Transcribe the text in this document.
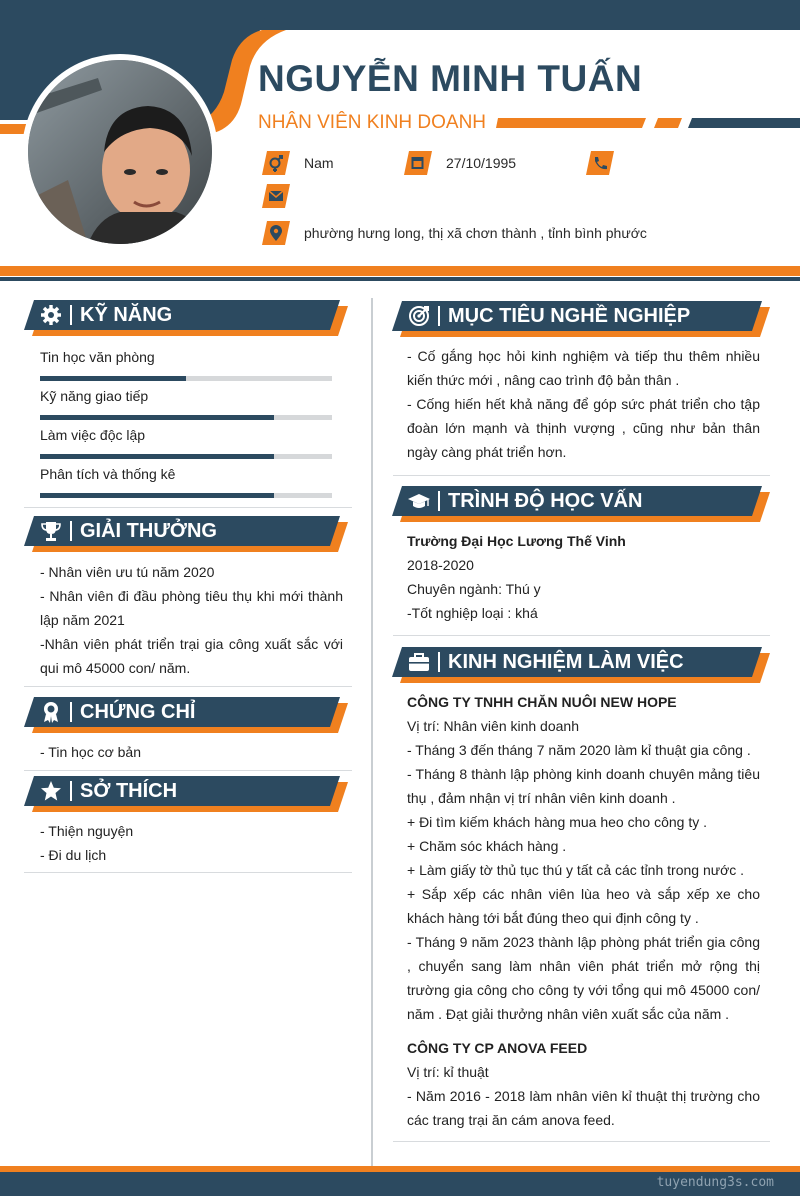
NGUYỄN MINH TUẤN
NHÂN VIÊN KINH DOANH
Nam	27/10/1995
phường hưng long, thị xã chơn thành , tỉnh bình phước
KỸ NĂNG
Tin học văn phòng
Kỹ năng giao tiếp
Làm việc độc lập
Phân tích và thống kê
GIẢI THƯỞNG
- Nhân viên ưu tú năm 2020
- Nhân viên đi đầu phòng tiêu thụ khi mới thành lập năm 2021
-Nhân viên phát triển trại gia công xuất sắc với qui mô 45000 con/ năm.
CHỨNG CHỈ
- Tin học cơ bản
SỞ THÍCH
- Thiện nguyện
- Đi du lịch
MỤC TIÊU NGHỀ NGHIỆP
- Cố gắng học hỏi kinh nghiệm và tiếp thu thêm nhiều kiến thức mới , nâng cao trình độ bản thân .
- Cống hiến hết khả năng để góp sức phát triển cho tập đoàn lớn mạnh và thịnh vượng , cũng như bản thân ngày càng phát triển hơn.
TRÌNH ĐỘ HỌC VẤN
Trường Đại Học Lương Thế Vinh
2018-2020
Chuyên ngành: Thú y
-Tốt nghiệp loại : khá
KINH NGHIỆM LÀM VIỆC
CÔNG TY TNHH CHĂN NUÔI NEW HOPE
Vị trí: Nhân viên kinh doanh
- Tháng 3 đến tháng 7 năm 2020 làm kỉ thuật gia công .
- Tháng 8 thành lập phòng kinh doanh chuyên mảng tiêu thụ , đảm nhận vị trí nhân viên kinh doanh .
+ Đi tìm kiếm khách hàng mua heo cho công ty .
+ Chăm sóc khách hàng .
+ Làm giấy tờ thủ tục thú y tất cả các tỉnh trong nước .
+ Sắp xếp các nhân viên lùa heo và sắp xếp xe cho khách hàng tới bắt đúng theo qui định công ty .
- Tháng 9 năm 2023 thành lập phòng phát triển gia công , chuyển sang làm nhân viên phát triển mở rộng thị trường gia công cho công ty với tổng qui mô 45000 con/ năm . Đạt giải thưởng nhân viên xuất sắc của năm .
CÔNG TY CP ANOVA FEED
Vị trí: kỉ thuật
- Năm 2016 - 2018 làm nhân viên kỉ thuật thị trường cho các trang trại ăn cám anova feed.
tuyendung3s.com
